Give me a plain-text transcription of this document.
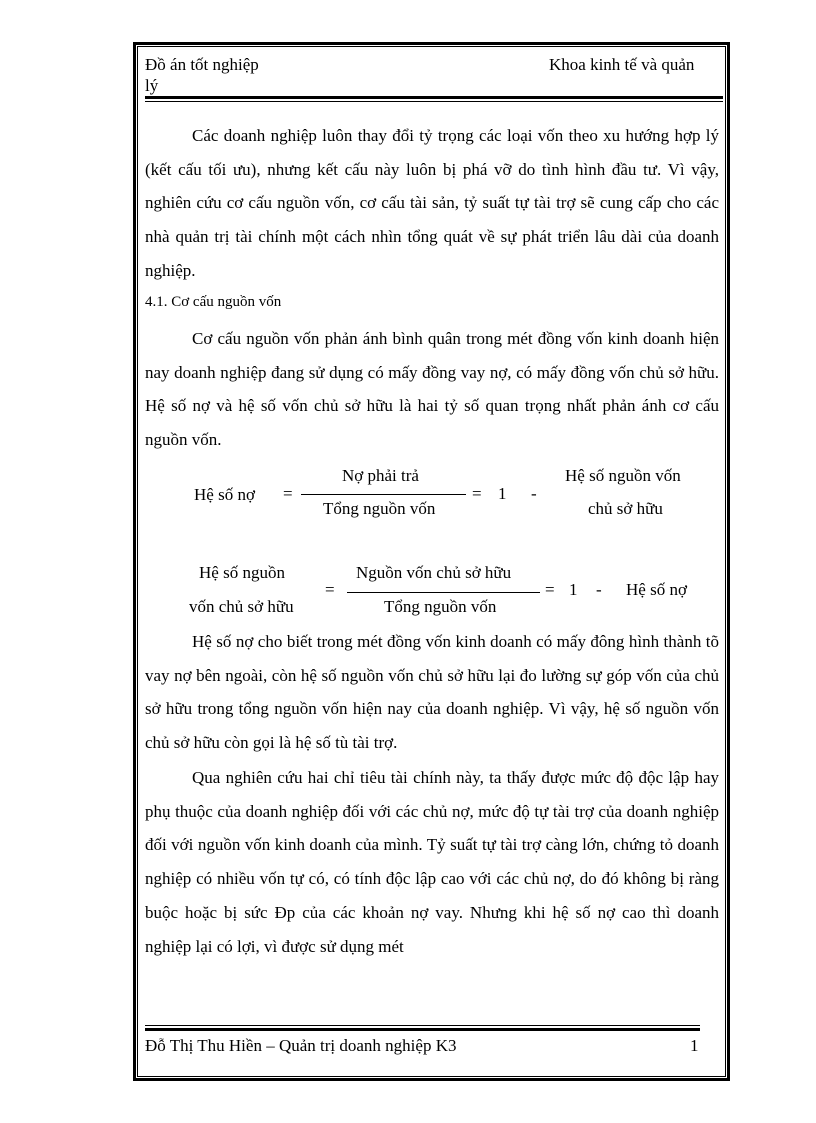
Đồ án tốt nghiệp
lý
Khoa kinh tế và quản

Các doanh nghiệp luôn thay đổi tỷ trọng các loại vốn theo xu hướng hợp lý (kết cấu tối ưu), nhưng kết cấu này luôn bị phá vỡ do tình hình đầu tư. Vì vậy, nghiên cứu cơ cấu nguồn vốn, cơ cấu tài sản, tỷ suất tự tài trợ sẽ cung cấp cho các nhà quản trị tài chính một cách nhìn tổng quát về sự phát triển lâu dài của doanh nghiệp.

4.1. Cơ cấu nguồn vốn

Cơ cấu nguồn vốn phản ánh bình quân trong mét đồng vốn kinh doanh hiện nay doanh nghiệp đang sử dụng có mấy đồng vay nợ, có mấy đồng vốn chủ sở hữu. Hệ số nợ và hệ số vốn chủ sở hữu là hai tỷ số quan trọng nhất phản ánh cơ cấu nguồn vốn.

Hệ số nợ =
Nợ phải trả
Tổng nguồn vốn
= 1 -
Hệ số nguồn vốn
chủ sở hữu
Hệ số nguồn
vốn chủ sở hữu
=
Nguồn vốn chủ sở hữu
Tổng nguồn vốn
= 1 - Hệ số nợ

Hệ số nợ cho biết trong mét đồng vốn kinh doanh có mấy đông hình thành tõ vay nợ bên ngoài, còn hệ số nguồn vốn chủ sở hữu lại đo lường sự góp vốn của chủ sở hữu trong tổng nguồn vốn hiện nay của doanh nghiệp. Vì vậy, hệ số nguồn vốn chủ sở hữu còn gọi là hệ số tù tài trợ.

Qua nghiên cứu hai chỉ tiêu tài chính này, ta thấy được mức độ độc lập hay phụ thuộc của doanh nghiệp đối với các chủ nợ, mức độ tự tài trợ của doanh nghiệp đối với nguồn vốn kinh doanh của mình. Tỷ suất tự tài trợ càng lớn, chứng tỏ doanh nghiệp có nhiều vốn tự có, có tính độc lập cao với các chủ nợ, do đó không bị ràng buộc hoặc bị sức Ðp của các khoản nợ vay. Nhưng khi hệ số nợ cao thì doanh nghiệp lại có lợi, vì được sử dụng mét

Đỗ Thị Thu Hiền – Quản trị doanh nghiệp K3	1
